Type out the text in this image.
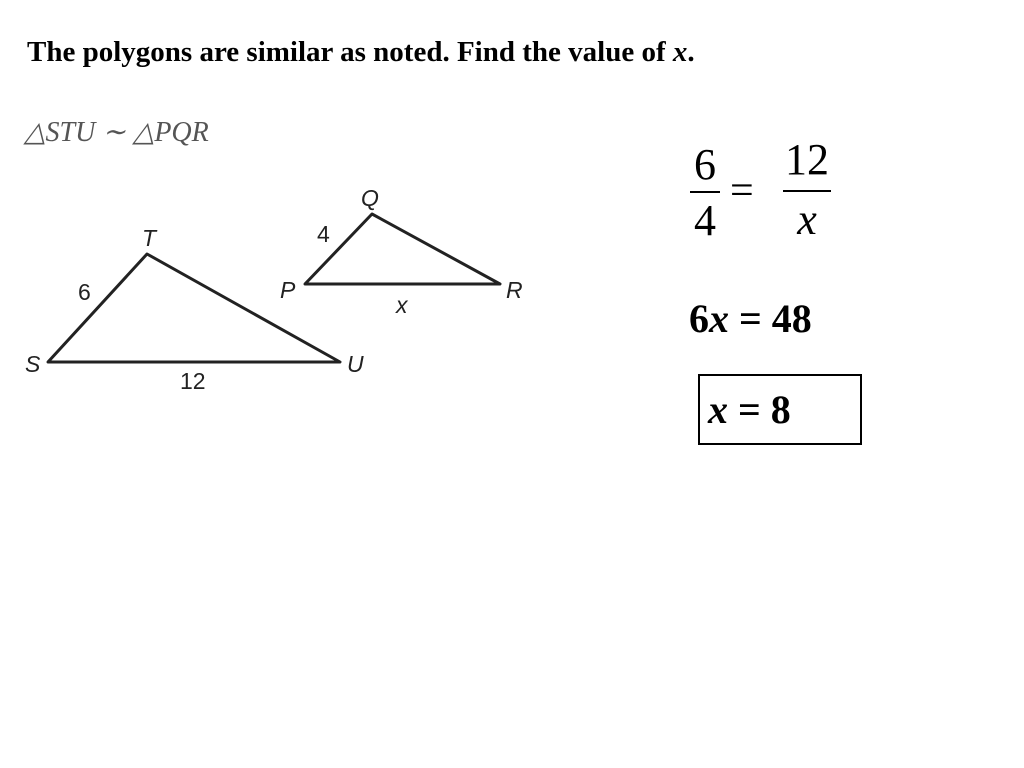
The polygons are similar as noted. Find the value of x.

△STU ∼ △PQR
S
T
U
6
12
P
Q
R
4
x
6
4
=
12
x
6x = 48
x = 8
